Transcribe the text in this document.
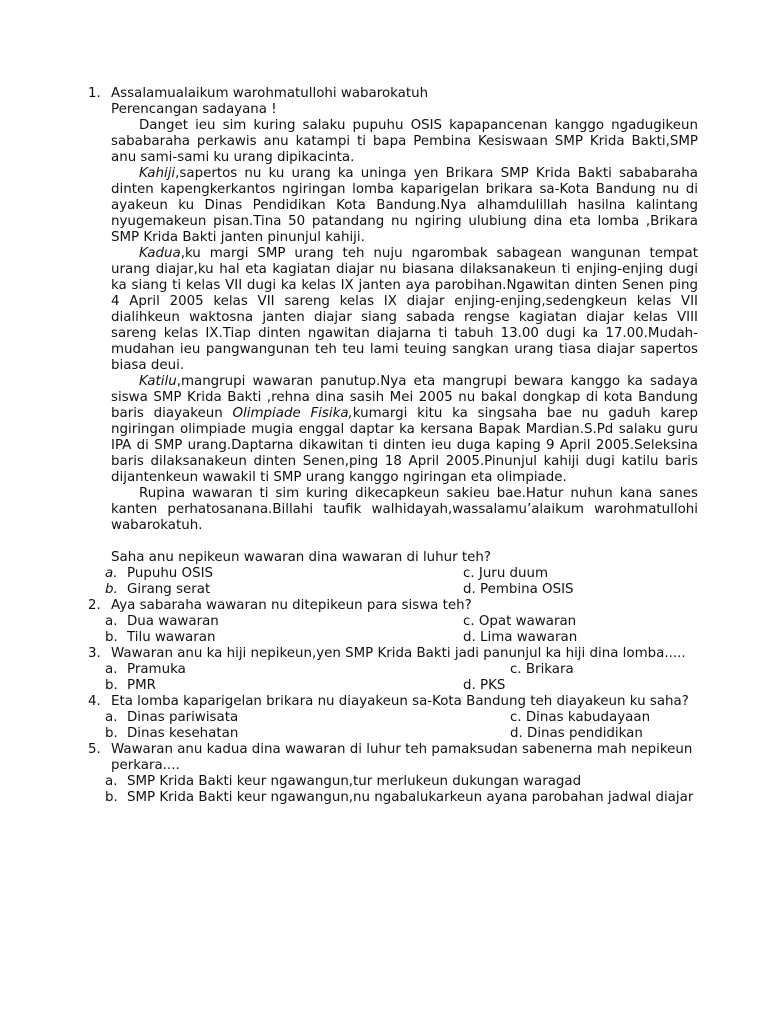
1. Assalamualaikum warohmatullohi wabarokatuh

Perencangan sadayana !

Danget ieu sim kuring salaku pupuhu OSIS kapapancenan kanggo ngadugikeun sababaraha perkawis anu katampi ti bapa Pembina Kesiswaan SMP Krida Bakti,SMP anu sami-sami ku urang dipikacinta.

Kahiji,sapertos nu ku urang ka uninga yen Brikara SMP Krida Bakti sababaraha dinten kapengkerkantos ngiringan lomba kaparigelan brikara sa-Kota Bandung nu di ayakeun ku Dinas Pendidikan Kota Bandung.Nya alhamdulillah hasilna kalintang nyugemakeun pisan.Tina 50 patandang nu ngiring ulubiung dina eta lomba ,Brikara SMP Krida Bakti janten pinunjul kahiji.

Kadua,ku margi SMP urang teh nuju ngarombak sabagean wangunan tempat urang diajar,ku hal eta kagiatan diajar nu biasana dilaksanakeun ti enjing-enjing dugi ka siang ti kelas VII dugi ka kelas IX janten aya parobihan.Ngawitan dinten Senen ping 4 April 2005 kelas VII sareng kelas IX diajar enjing-enjing,sedengkeun kelas VII dialihkeun waktosna janten diajar siang sabada rengse kagiatan diajar kelas VIII sareng kelas IX.Tiap dinten ngawitan diajarna ti tabuh 13.00 dugi ka 17.00.Mudah-mudahan ieu pangwangunan teh teu lami teuing sangkan urang tiasa diajar sapertos biasa deui.

Katilu,mangrupi wawaran panutup.Nya eta mangrupi bewara kanggo ka sadaya siswa SMP Krida Bakti ,rehna dina sasih Mei 2005 nu bakal dongkap di kota Bandung baris diayakeun Olimpiade Fisika,kumargi kitu ka singsaha bae nu gaduh karep ngiringan olimpiade mugia enggal daptar ka kersana Bapak Mardian.S.Pd salaku guru IPA di SMP urang.Daptarna dikawitan ti dinten ieu duga kaping 9 April 2005.Seleksina baris dilaksanakeun dinten Senen,ping 18 April 2005.Pinunjul kahiji dugi katilu baris dijantenkeun wawakil ti SMP urang kanggo ngiringan eta olimpiade.

Rupina wawaran ti sim kuring dikecapkeun sakieu bae.Hatur nuhun kana sanes kanten perhatosanana.Billahi taufik walhidayah,wassalamu’alaikum warohmatullohi wabarokatuh.

Saha anu nepikeun wawaran dina wawaran di luhur teh?

a. Pupuhu OSIS	c. Juru duum
b. Girang serat	d. Pembina OSIS
2. Aya sabaraha wawaran nu ditepikeun para siswa teh?

a. Dua wawaran	c. Opat wawaran
b. Tilu wawaran	d. Lima wawaran
3. Wawaran anu ka hiji nepikeun,yen SMP Krida Bakti jadi panunjul ka hiji dina lomba.....

a. Pramuka	c. Brikara
b. PMR	d. PKS
4. Eta lomba kaparigelan brikara nu diayakeun sa-Kota Bandung teh diayakeun ku saha?

a. Dinas pariwisata	c. Dinas kabudayaan
b. Dinas kesehatan	d. Dinas pendidikan
5. Wawaran anu kadua dina wawaran di luhur teh pamaksudan sabenerna mah nepikeun perkara....

a. SMP Krida Bakti keur ngawangun,tur merlukeun dukungan waragad
b. SMP Krida Bakti keur ngawangun,nu ngabalukarkeun ayana parobahan jadwal diajar
